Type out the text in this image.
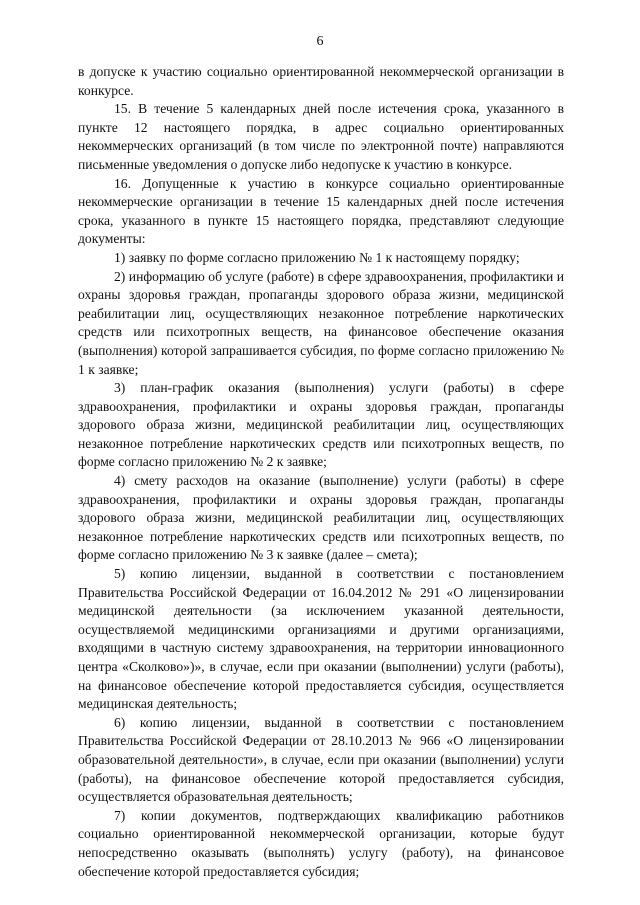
6

в допуске к участию социально ориентированной некоммерческой организации в конкурсе.

15. В течение 5 календарных дней после истечения срока, указанного в пункте 12 настоящего порядка, в адрес социально ориентированных некоммерческих организаций (в том числе по электронной почте) направляются письменные уведомления о допуске либо недопуске к участию в конкурсе.

16. Допущенные к участию в конкурсе социально ориентированные некоммерческие организации в течение 15 календарных дней после истечения срока, указанного в пункте 15 настоящего порядка, представляют следующие документы:

1) заявку по форме согласно приложению № 1 к настоящему порядку;

2) информацию об услуге (работе) в сфере здравоохранения, профилактики и охраны здоровья граждан, пропаганды здорового образа жизни, медицинской реабилитации лиц, осуществляющих незаконное потребление наркотических средств или психотропных веществ, на финансовое обеспечение оказания (выполнения) которой запрашивается субсидия, по форме согласно приложению № 1 к заявке;

3) план-график оказания (выполнения) услуги (работы) в сфере здравоохранения, профилактики и охраны здоровья граждан, пропаганды здорового образа жизни, медицинской реабилитации лиц, осуществляющих незаконное потребление наркотических средств или психотропных веществ, по форме согласно приложению № 2 к заявке;

4) смету расходов на оказание (выполнение) услуги (работы) в сфере здравоохранения, профилактики и охраны здоровья граждан, пропаганды здорового образа жизни, медицинской реабилитации лиц, осуществляющих незаконное потребление наркотических средств или психотропных веществ, по форме согласно приложению № 3 к заявке (далее – смета);

5) копию лицензии, выданной в соответствии с постановлением Правительства Российской Федерации от 16.04.2012 № 291 «О лицензировании медицинской деятельности (за исключением указанной деятельности, осуществляемой медицинскими организациями и другими организациями, входящими в частную систему здравоохранения, на территории инновационного центра «Сколково»)», в случае, если при оказании (выполнении) услуги (работы), на финансовое обеспечение которой предоставляется субсидия, осуществляется медицинская деятельность;

6) копию лицензии, выданной в соответствии с постановлением Правительства Российской Федерации от 28.10.2013 № 966 «О лицензировании образовательной деятельности», в случае, если при оказании (выполнении) услуги (работы), на финансовое обеспечение которой предоставляется субсидия, осуществляется образовательная деятельность;

7) копии документов, подтверждающих квалификацию работников социально ориентированной некоммерческой организации, которые будут непосредственно оказывать (выполнять) услугу (работу), на финансовое обеспечение которой предоставляется субсидия;
